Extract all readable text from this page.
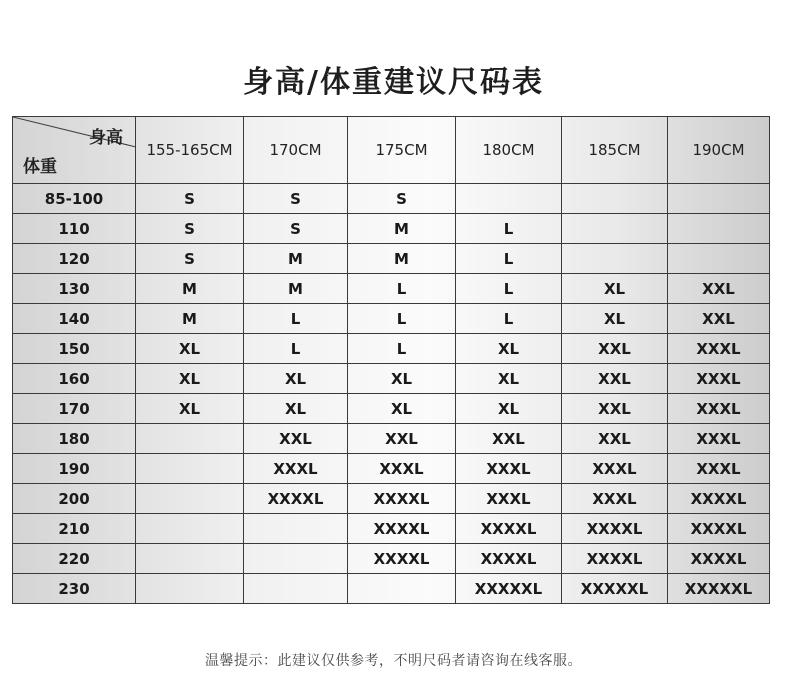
身高/体重建议尺码表
身高
体重	155-165CM	170CM	175CM	180CM	185CM	190CM
85-100	S	S	S			
110	S	S	M	L		
120	S	M	M	L		
130	M	M	L	L	XL	XXL
140	M	L	L	L	XL	XXL
150	XL	L	L	XL	XXL	XXXL
160	XL	XL	XL	XL	XXL	XXXL
170	XL	XL	XL	XL	XXL	XXXL
180		XXL	XXL	XXL	XXL	XXXL
190		XXXL	XXXL	XXXL	XXXL	XXXL
200		XXXXL	XXXXL	XXXL	XXXL	XXXXL
210			XXXXL	XXXXL	XXXXL	XXXXL
220			XXXXL	XXXXL	XXXXL	XXXXL
230				XXXXXL	XXXXXL	XXXXXL
温馨提示：此建议仅供参考，不明尺码者请咨询在线客服。
